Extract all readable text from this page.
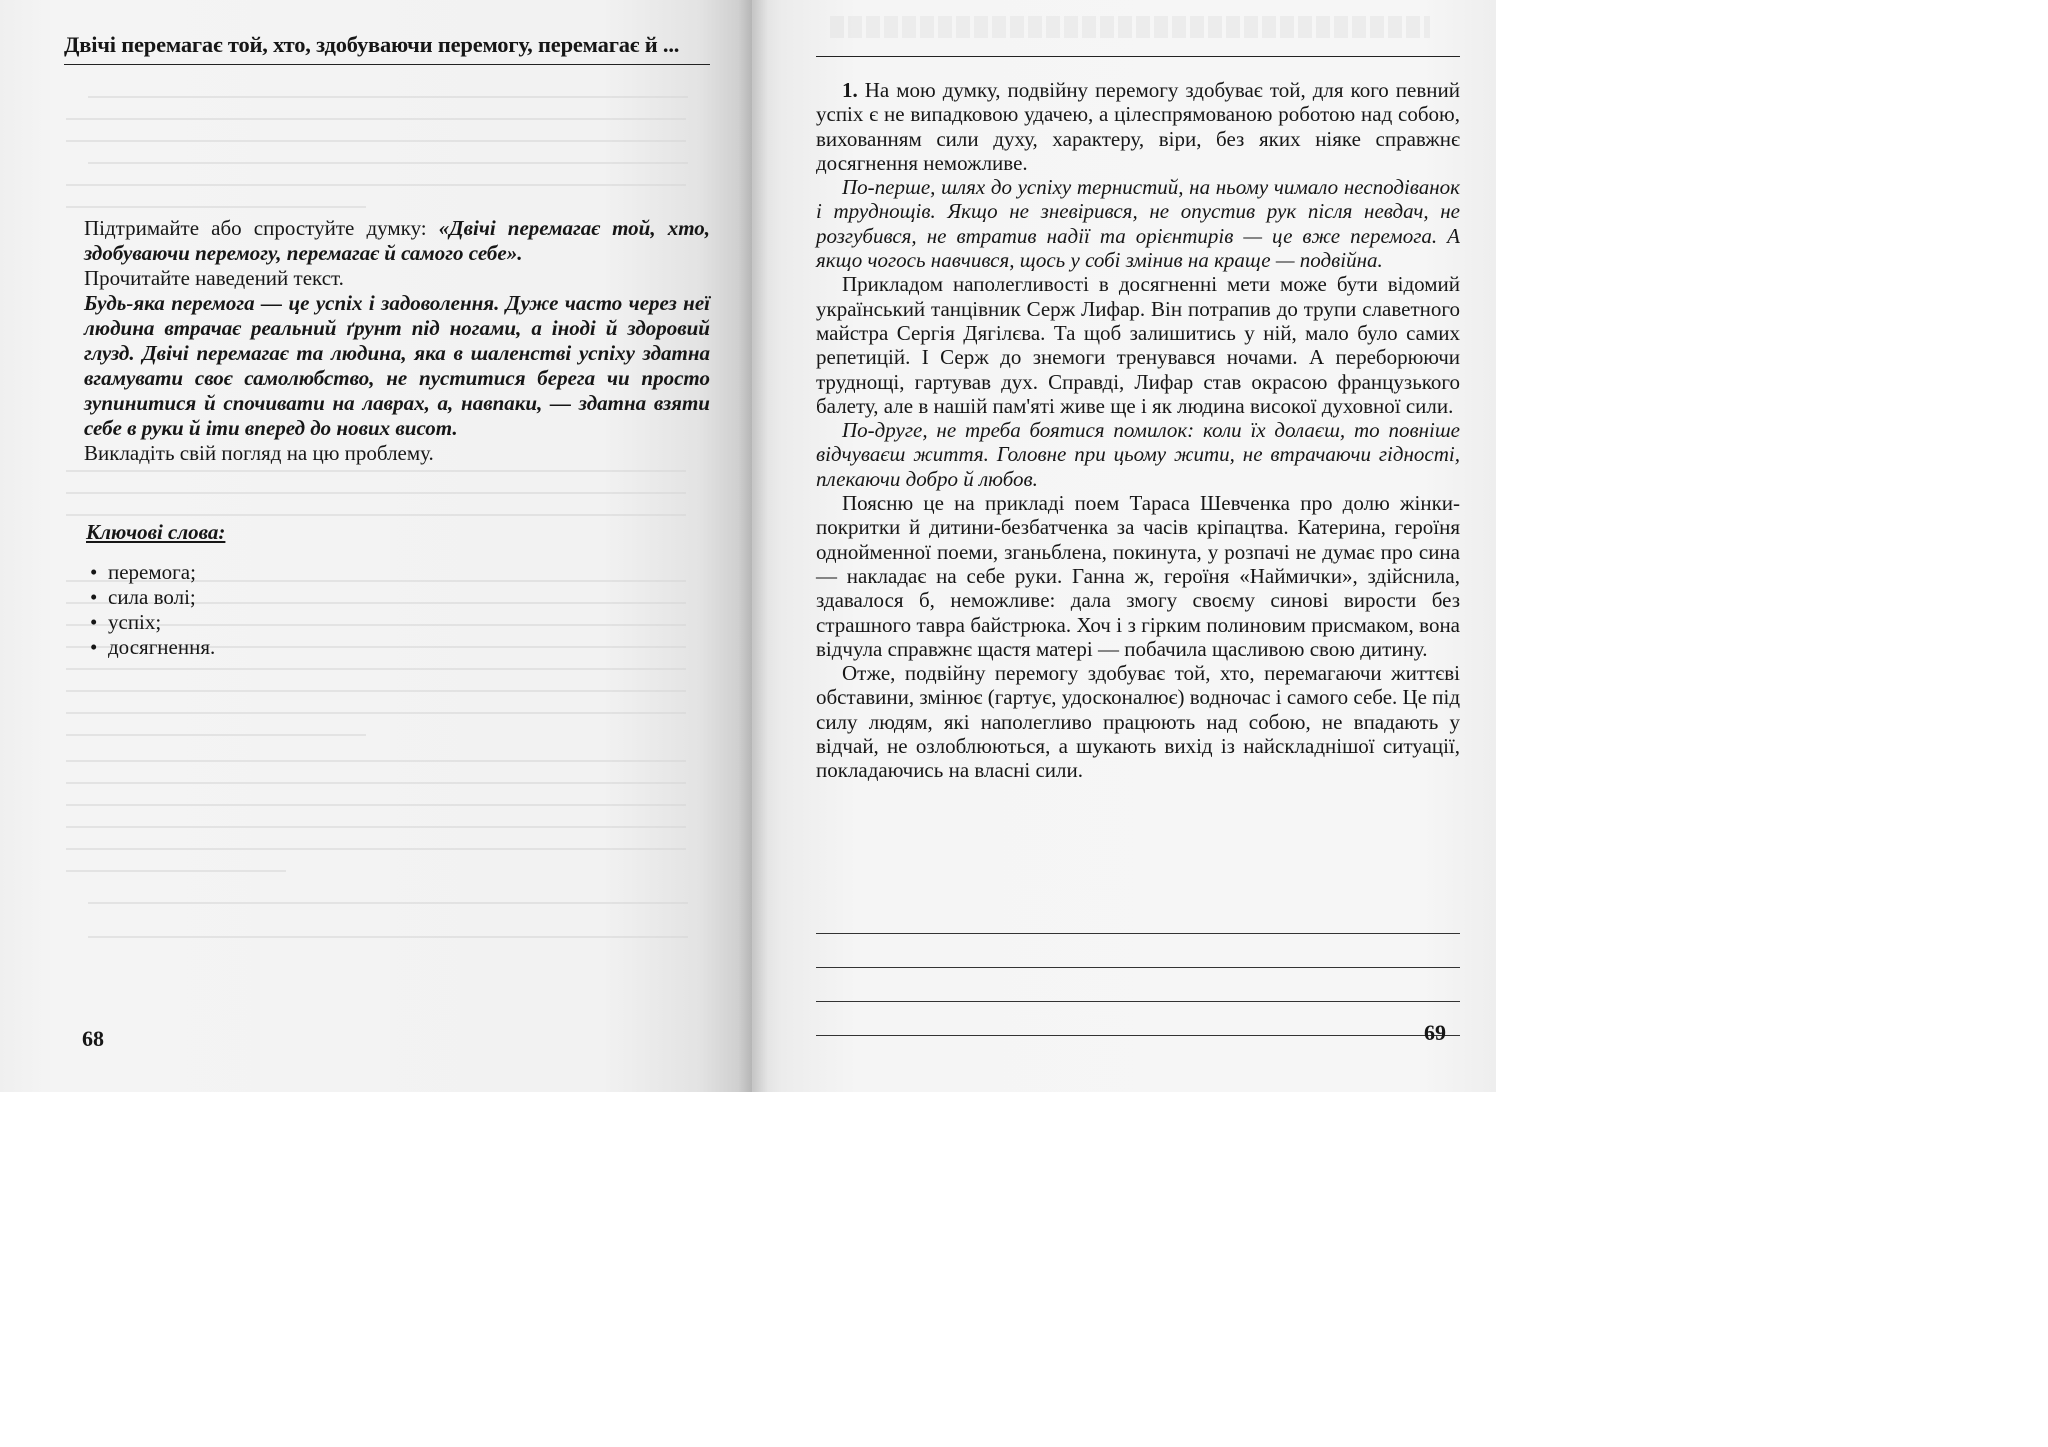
Двічі перемагає той, хто, здобуваючи перемогу, перемагає й ...

Підтримайте або спростуйте думку: «Двічі перемагає той, хто, здобуваючи перемогу, перемагає й самого себе».

Прочитайте наведений текст.

Будь-яка перемога — це успіх і задоволення. Дуже часто через неї людина втрачає реальний ґрунт під ногами, а іноді й здоровий глузд. Двічі перемагає та людина, яка в шаленстві успіху здатна вгамувати своє самолюбство, не пуститися берега чи просто зупинитися й спочивати на лаврах, а, навпаки, — здатна взяти себе в руки й іти вперед до нових висот.

Викладіть свій погляд на цю проблему.

Ключові слова:
• перемога;
• сила волі;
• успіх;
• досягнення.
68

1. На мою думку, подвійну перемогу здобуває той, для кого певний успіх є не випадковою удачею, а цілеспрямованою роботою над собою, вихованням сили духу, характеру, віри, без яких ніяке справжнє досягнення неможливе.

По-перше, шлях до успіху тернистий, на ньому чимало несподіванок і труднощів. Якщо не зневірився, не опустив рук після невдач, не розгубився, не втратив надії та орієнтирів — це вже перемога. А якщо чогось навчився, щось у собі змінив на краще — подвійна.

Прикладом наполегливості в досягненні мети може бути відомий український танцівник Серж Лифар. Він потрапив до трупи славетного майстра Сергія Дягілєва. Та щоб залишитись у ній, мало було самих репетицій. І Серж до знемоги тренувався ночами. А переборюючи труднощі, гартував дух. Справді, Лифар став окрасою французького балету, але в нашій пам'яті живе ще і як людина високої духовної сили.

По-друге, не треба боятися помилок: коли їх долаєш, то повніше відчуваєш життя. Головне при цьому жити, не втрачаючи гідності, плекаючи добро й любов.

Поясню це на прикладі поем Тараса Шевченка про долю жінки-покритки й дитини-безбатченка за часів кріпацтва. Катерина, героїня однойменної поеми, зганьблена, покинута, у розпачі не думає про сина — накладає на себе руки. Ганна ж, героїня «Наймички», здійснила, здавалося б, неможливе: дала змогу своєму синові вирости без страшного тавра байстрюка. Хоч і з гірким полиновим присмаком, вона відчула справжнє щастя матері — побачила щасливою свою дитину.

Отже, подвійну перемогу здобуває той, хто, перемагаючи життєві обставини, змінює (гартує, удосконалює) водночас і самого себе. Це під силу людям, які наполегливо працюють над собою, не впадають у відчай, не озлоблюються, а шукають вихід із найскладнішої ситуації, покладаючись на власні сили.

69
